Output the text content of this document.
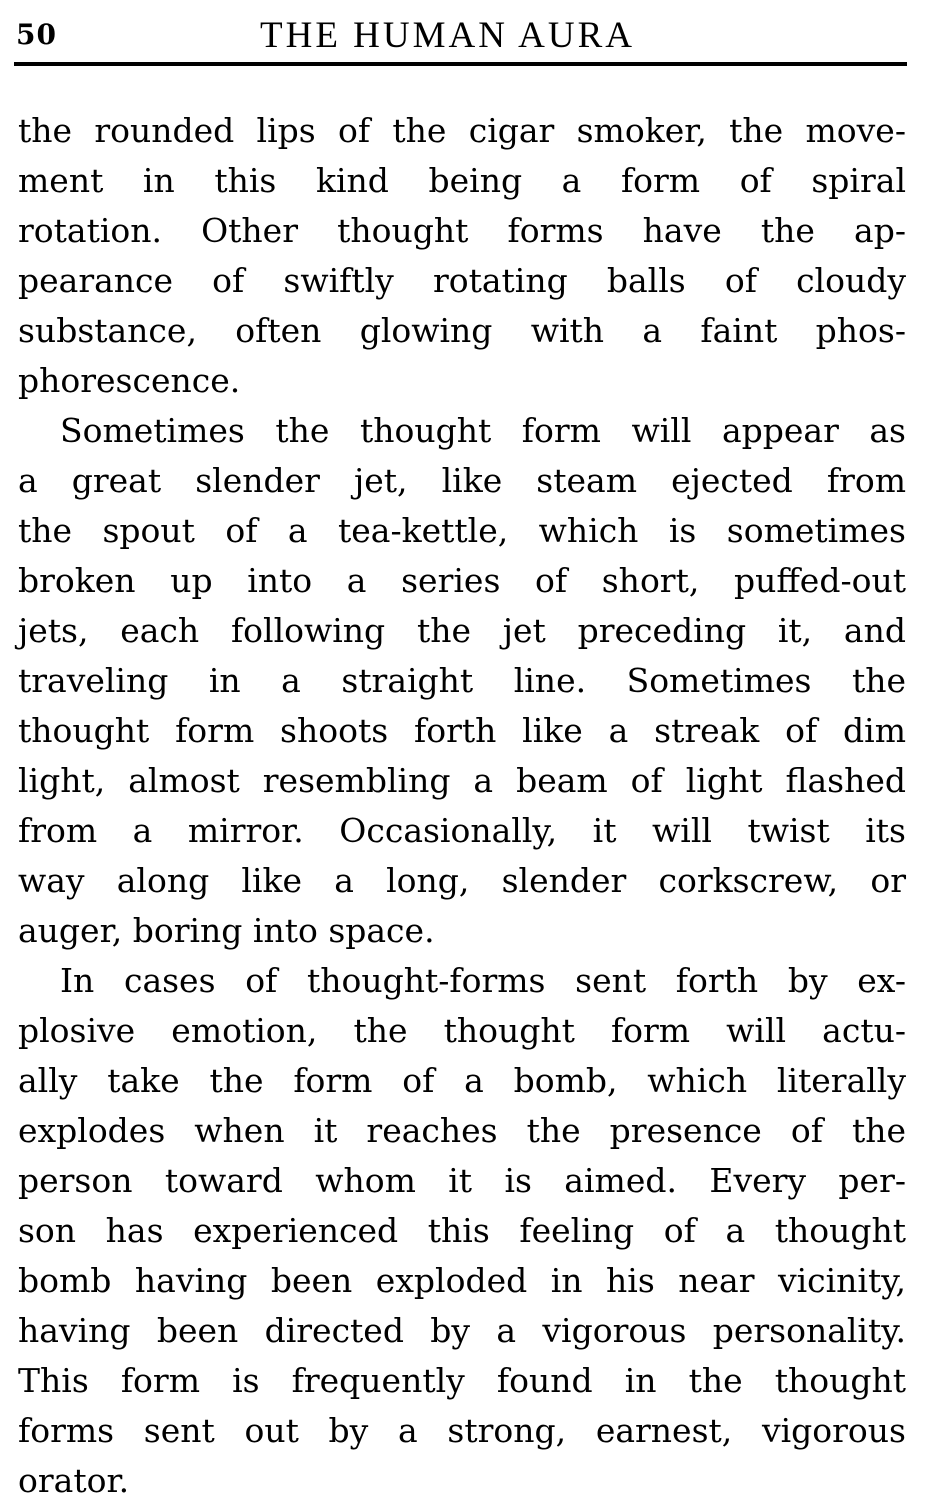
50	THE HUMAN AURA
the rounded lips of the cigar smoker, the move-
ment in this kind being a form of spiral
rotation. Other thought forms have the ap-
pearance of swiftly rotating balls of cloudy
substance, often glowing with a faint phos-
phorescence.
Sometimes the thought form will appear as
a great slender jet, like steam ejected from
the spout of a tea-kettle, which is sometimes
broken up into a series of short, puffed-out
jets, each following the jet preceding it, and
traveling in a straight line. Sometimes the
thought form shoots forth like a streak of dim
light, almost resembling a beam of light flashed
from a mirror. Occasionally, it will twist its
way along like a long, slender corkscrew, or
auger, boring into space.
In cases of thought-forms sent forth by ex-
plosive emotion, the thought form will actu-
ally take the form of a bomb, which literally
explodes when it reaches the presence of the
person toward whom it is aimed. Every per-
son has experienced this feeling of a thought
bomb having been exploded in his near vicinity,
having been directed by a vigorous personality.
This form is frequently found in the thought
forms sent out by a strong, earnest, vigorous
orator.
